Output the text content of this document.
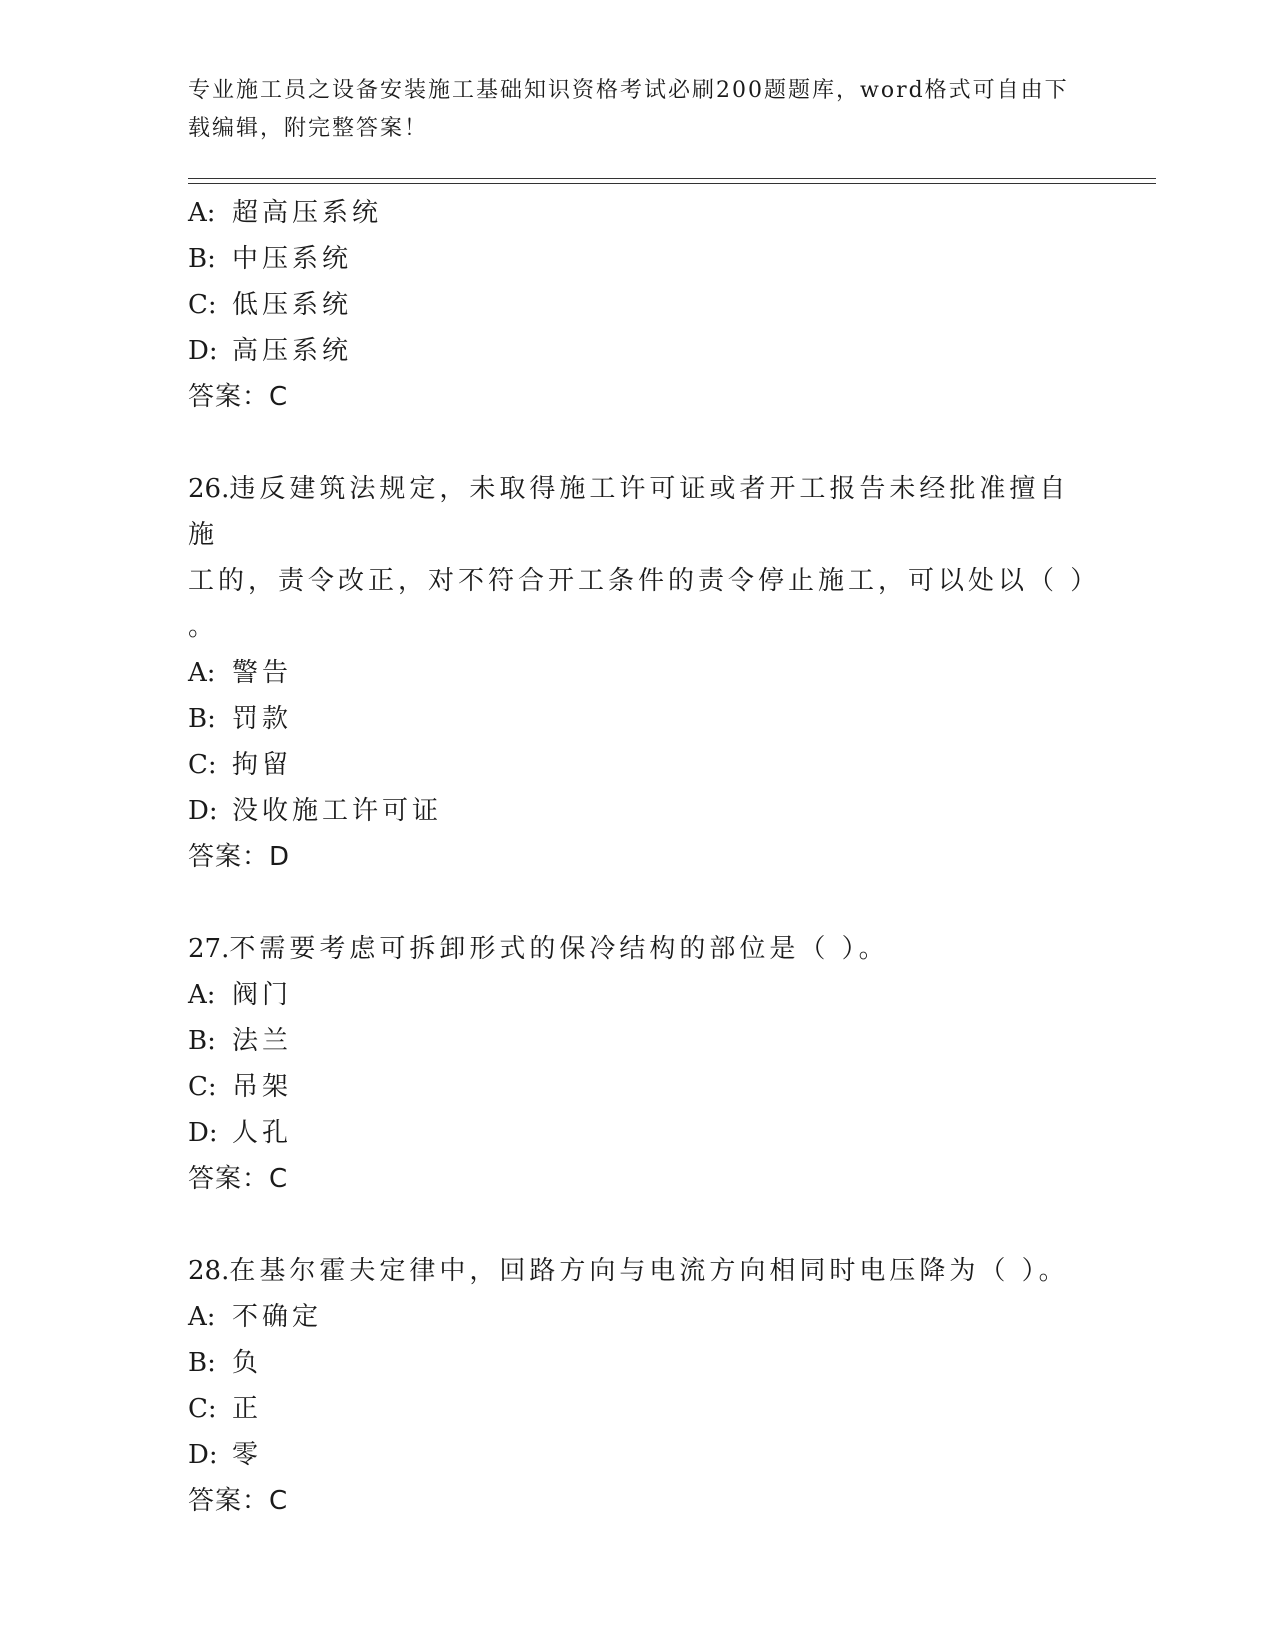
专业施工员之设备安装施工基础知识资格考试必刷200题题库，word格式可自由下载编辑，附完整答案！
A: 超高压系统
B: 中压系统
C: 低压系统
D: 高压系统
答案：C
26.违反建筑法规定，未取得施工许可证或者开工报告未经批准擅自施
工的，责令改正，对不符合开工条件的责令停止施工，可以处以（ ）
。
A: 警告
B: 罚款
C: 拘留
D: 没收施工许可证
答案：D
27.不需要考虑可拆卸形式的保冷结构的部位是（ ）。
A: 阀门
B: 法兰
C: 吊架
D: 人孔
答案：C
28.在基尔霍夫定律中，回路方向与电流方向相同时电压降为（ ）。
A: 不确定
B: 负
C: 正
D: 零
答案：C
